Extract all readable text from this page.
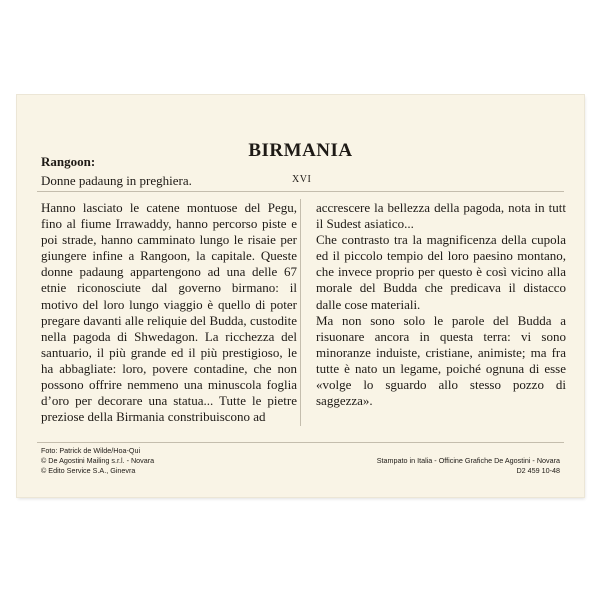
BIRMANIA
Rangoon:
Donne padaung in preghiera.	XVI

Hanno lasciato le catene montuose del Pegu, fino al fiume Irrawaddy, hanno percorso piste e poi strade, hanno camminato lungo le risaie per giungere infine a Rangoon, la capitale. Queste donne padaung appartengono ad una delle 67 etnie riconosciute dal governo birmano: il motivo del loro lungo viaggio è quello di poter pregare davanti alle reliquie del Budda, custodite nella pagoda di Shwedagon. La ricchezza del santuario, il più grande ed il più prestigioso, le ha abbagliate: loro, povere contadine, che non possono offrire nemmeno una minuscola foglia d’oro per decorare una statua... Tutte le pietre preziose della Birmania constribuiscono ad

accrescere la bellezza della pagoda, nota in tutt il Sudest asiatico...

Che contrasto tra la magnificenza della cupola ed il piccolo tempio del loro paesino montano, che invece proprio per questo è così vicino alla morale del Budda che predicava il distacco dalle cose materiali.

Ma non sono solo le parole del Budda a risuonare ancora in questa terra: vi sono minoranze induiste, cristiane, animiste; ma fra tutte è nato un legame, poiché ognuna di esse «volge lo sguardo allo stesso pozzo di saggezza».

Foto: Patrick de Wilde/Hoa-Qui
© De Agostini Mailing s.r.l. - Novara
© Edito Service S.A., Ginevra
Stampato in Italia - Officine Grafiche De Agostini - Novara
D2 459 10-48
